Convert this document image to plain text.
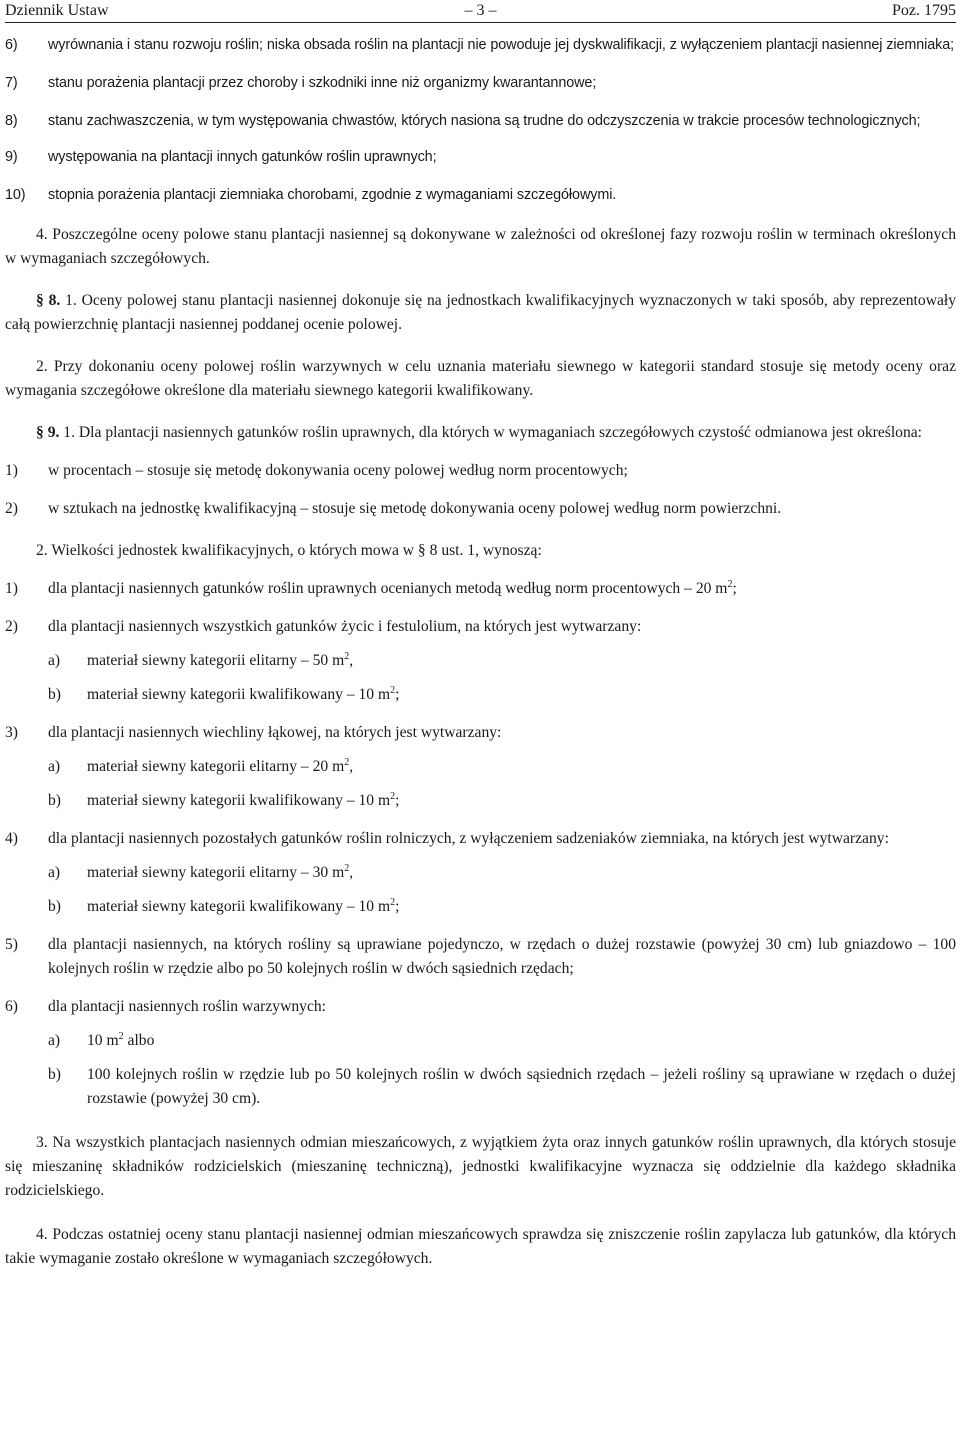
Dziennik Ustaw	– 3 –	Poz. 1795
6) wyrównania i stanu rozwoju roślin; niska obsada roślin na plantacji nie powoduje jej dyskwalifikacji, z wyłączeniem plantacji nasiennej ziemniaka;
7) stanu porażenia plantacji przez choroby i szkodniki inne niż organizmy kwarantannowe;
8) stanu zachwaszczenia, w tym występowania chwastów, których nasiona są trudne do odczyszczenia w trakcie procesów technologicznych;
9) występowania na plantacji innych gatunków roślin uprawnych;
10) stopnia porażenia plantacji ziemniaka chorobami, zgodnie z wymaganiami szczegółowymi.
4. Poszczególne oceny polowe stanu plantacji nasiennej są dokonywane w zależności od określonej fazy rozwoju roślin w terminach określonych w wymaganiach szczegółowych.
§ 8. 1. Oceny polowej stanu plantacji nasiennej dokonuje się na jednostkach kwalifikacyjnych wyznaczonych w taki sposób, aby reprezentowały całą powierzchnię plantacji nasiennej poddanej ocenie polowej.
2. Przy dokonaniu oceny polowej roślin warzywnych w celu uznania materiału siewnego w kategorii standard stosuje się metody oceny oraz wymagania szczegółowe określone dla materiału siewnego kategorii kwalifikowany.
§ 9. 1. Dla plantacji nasiennych gatunków roślin uprawnych, dla których w wymaganiach szczegółowych czystość odmianowa jest określona:
1) w procentach – stosuje się metodę dokonywania oceny polowej według norm procentowych;
2) w sztukach na jednostkę kwalifikacyjną – stosuje się metodę dokonywania oceny polowej według norm powierzchni.
2. Wielkości jednostek kwalifikacyjnych, o których mowa w § 8 ust. 1, wynoszą:
1) dla plantacji nasiennych gatunków roślin uprawnych ocenianych metodą według norm procentowych – 20 $m^2$;
2) dla plantacji nasiennych wszystkich gatunków życic i festulolium, na których jest wytwarzany:
a) materiał siewny kategorii elitarny – 50 $m^2$,
b) materiał siewny kategorii kwalifikowany – 10 $m^2$;
3) dla plantacji nasiennych wiechliny łąkowej, na których jest wytwarzany:
a) materiał siewny kategorii elitarny – 20 $m^2$,
b) materiał siewny kategorii kwalifikowany – 10 $m^2$;
4) dla plantacji nasiennych pozostałych gatunków roślin rolniczych, z wyłączeniem sadzeniaków ziemniaka, na których jest wytwarzany:
a) materiał siewny kategorii elitarny – 30 $m^2$,
b) materiał siewny kategorii kwalifikowany – 10 $m^2$;
5) dla plantacji nasiennych, na których rośliny są uprawiane pojedynczo, w rzędach o dużej rozstawie (powyżej 30 cm) lub gniazdowo – 100 kolejnych roślin w rzędzie albo po 50 kolejnych roślin w dwóch sąsiednich rzędach;
6) dla plantacji nasiennych roślin warzywnych:
a) 10 $m^2$ albo
b) 100 kolejnych roślin w rzędzie lub po 50 kolejnych roślin w dwóch sąsiednich rzędach – jeżeli rośliny są uprawiane w rzędach o dużej rozstawie (powyżej 30 cm).
3. Na wszystkich plantacjach nasiennych odmian mieszańcowych, z wyjątkiem żyta oraz innych gatunków roślin uprawnych, dla których stosuje się mieszaninę składników rodzicielskich (mieszaninę techniczną), jednostki kwalifikacyjne wyznacza się oddzielnie dla każdego składnika rodzicielskiego.
4. Podczas ostatniej oceny stanu plantacji nasiennej odmian mieszańcowych sprawdza się zniszczenie roślin zapylacza lub gatunków, dla których takie wymaganie zostało określone w wymaganiach szczegółowych.
